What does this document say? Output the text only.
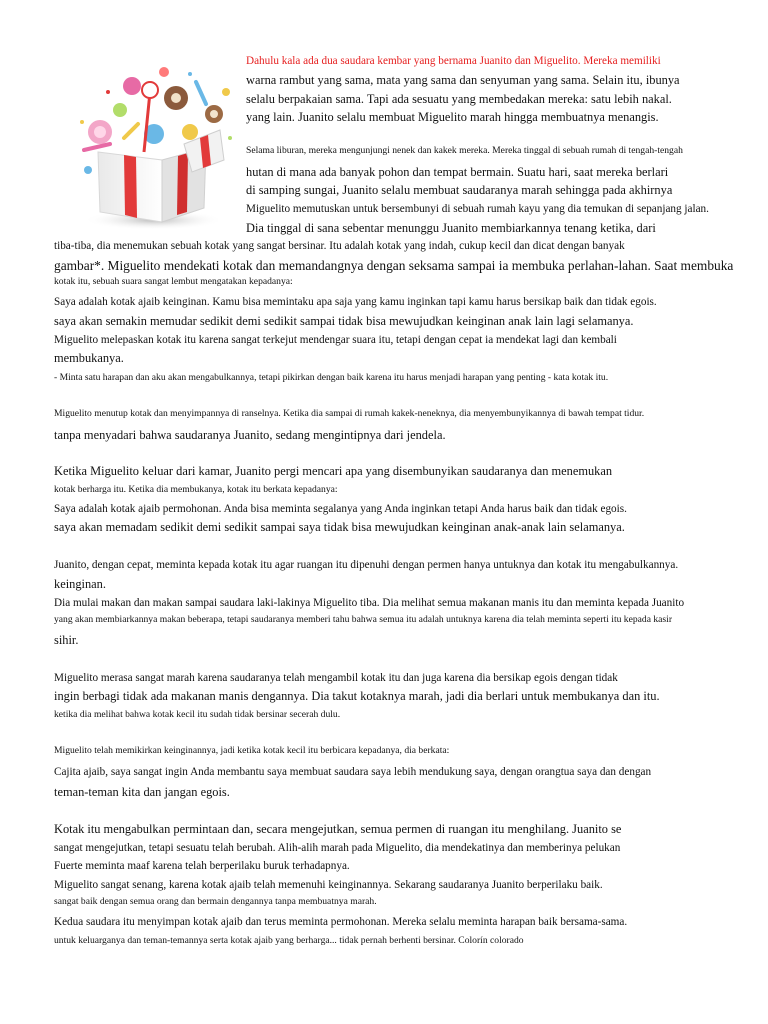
Dahulu kala ada dua saudara kembar yang bernama Juanito dan Miguelito. Mereka memiliki

warna rambut yang sama, mata yang sama dan senyuman yang sama. Selain itu, ibunya

selalu berpakaian sama. Tapi ada sesuatu yang membedakan mereka: satu lebih nakal.

yang lain. Juanito selalu membuat Miguelito marah hingga membuatnya menangis.

Selama liburan, mereka mengunjungi nenek dan kakek mereka. Mereka tinggal di sebuah rumah di tengah-tengah

hutan di mana ada banyak pohon dan tempat bermain. Suatu hari, saat mereka berlari

di samping sungai, Juanito selalu membuat saudaranya marah sehingga pada akhirnya

Miguelito memutuskan untuk bersembunyi di sebuah rumah kayu yang dia temukan di sepanjang jalan.

Dia tinggal di sana sebentar menunggu Juanito membiarkannya tenang ketika, dari

tiba-tiba, dia menemukan sebuah kotak yang sangat bersinar. Itu adalah kotak yang indah, cukup kecil dan dicat dengan banyak

gambar*. Miguelito mendekati kotak dan memandangnya dengan seksama sampai ia membuka perlahan-lahan. Saat membuka

kotak itu, sebuah suara sangat lembut mengatakan kepadanya:

Saya adalah kotak ajaib keinginan. Kamu bisa memintaku apa saja yang kamu inginkan tapi kamu harus bersikap baik dan tidak egois.

saya akan semakin memudar sedikit demi sedikit sampai tidak bisa mewujudkan keinginan anak lain lagi selamanya.

Miguelito melepaskan kotak itu karena sangat terkejut mendengar suara itu, tetapi dengan cepat ia mendekat lagi dan kembali

membukanya.

- Minta satu harapan dan aku akan mengabulkannya, tetapi pikirkan dengan baik karena itu harus menjadi harapan yang penting - kata kotak itu.

Miguelito menutup kotak dan menyimpannya di ranselnya. Ketika dia sampai di rumah kakek-neneknya, dia menyembunyikannya di bawah tempat tidur.

tanpa menyadari bahwa saudaranya Juanito, sedang mengintipnya dari jendela.

Ketika Miguelito keluar dari kamar, Juanito pergi mencari apa yang disembunyikan saudaranya dan menemukan

kotak berharga itu. Ketika dia membukanya, kotak itu berkata kepadanya:

Saya adalah kotak ajaib permohonan. Anda bisa meminta segalanya yang Anda inginkan tetapi Anda harus baik dan tidak egois.

saya akan memadam sedikit demi sedikit sampai saya tidak bisa mewujudkan keinginan anak-anak lain selamanya.

Juanito, dengan cepat, meminta kepada kotak itu agar ruangan itu dipenuhi dengan permen hanya untuknya dan kotak itu mengabulkannya.

keinginan.

Dia mulai makan dan makan sampai saudara laki-lakinya Miguelito tiba. Dia melihat semua makanan manis itu dan meminta kepada Juanito

yang akan membiarkannya makan beberapa, tetapi saudaranya memberi tahu bahwa semua itu adalah untuknya karena dia telah meminta seperti itu kepada kasir

sihir.

Miguelito merasa sangat marah karena saudaranya telah mengambil kotak itu dan juga karena dia bersikap egois dengan tidak

ingin berbagi tidak ada makanan manis dengannya. Dia takut kotaknya marah, jadi dia berlari untuk membukanya dan itu.

ketika dia melihat bahwa kotak kecil itu sudah tidak bersinar secerah dulu.

Miguelito telah memikirkan keinginannya, jadi ketika kotak kecil itu berbicara kepadanya, dia berkata:

Cajita ajaib, saya sangat ingin Anda membantu saya membuat saudara saya lebih mendukung saya, dengan orangtua saya dan dengan

teman-teman kita dan jangan egois.

Kotak itu mengabulkan permintaan dan, secara mengejutkan, semua permen di ruangan itu menghilang. Juanito se

sangat mengejutkan, tetapi sesuatu telah berubah. Alih-alih marah pada Miguelito, dia mendekatinya dan memberinya pelukan

Fuerte meminta maaf karena telah berperilaku buruk terhadapnya.

Miguelito sangat senang, karena kotak ajaib telah memenuhi keinginannya. Sekarang saudaranya Juanito berperilaku baik.

sangat baik dengan semua orang dan bermain dengannya tanpa membuatnya marah.

Kedua saudara itu menyimpan kotak ajaib dan terus meminta permohonan. Mereka selalu meminta harapan baik bersama-sama.

untuk keluarganya dan teman-temannya serta kotak ajaib yang berharga... tidak pernah berhenti bersinar. Colorín colorado
